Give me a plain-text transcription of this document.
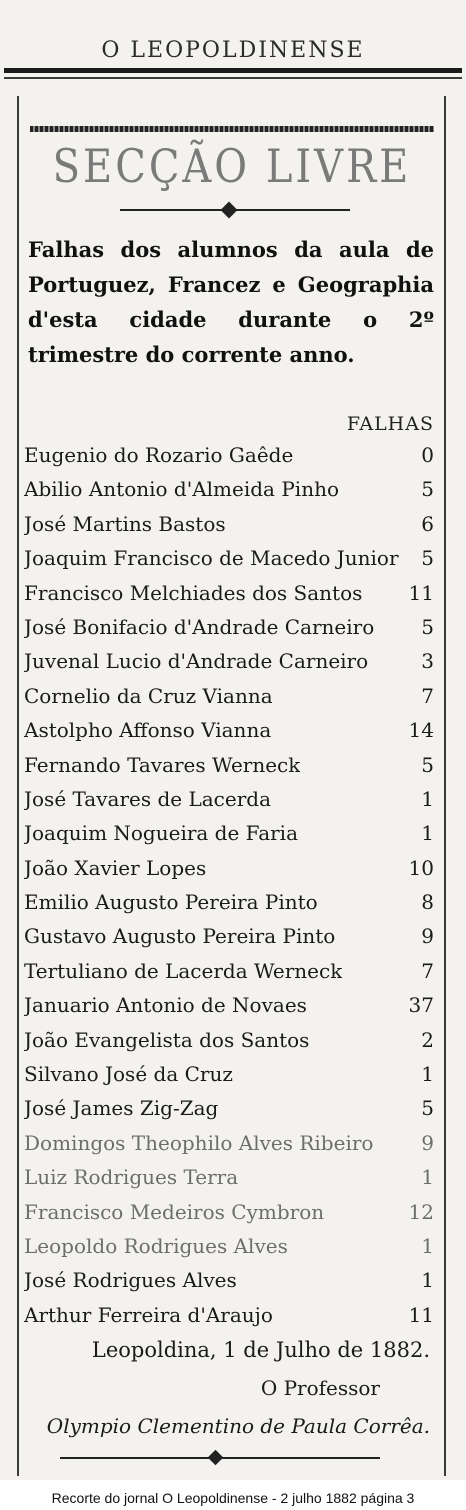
O LEOPOLDINENSE
SECÇÃO LIVRE
Falhas dos alumnos da aula de Portuguez, Francez e Geographia d'esta cidade durante o 2º trimestre do corrente anno.
FALHAS
Eugenio do Rozario Gaêde	0
Abilio Antonio d'Almeida Pinho	5
José Martins Bastos	6
Joaquim Francisco de Macedo Junior	5
Francisco Melchiades dos Santos 11
José Bonifacio d'Andrade Carneiro	5
Juvenal Lucio d'Andrade Carneiro	3
Cornelio da Cruz Vianna	7
Astolpho Affonso Vianna	14
Fernando Tavares Werneck	5
José Tavares de Lacerda	1
Joaquim Nogueira de Faria	1
João Xavier Lopes	10
Emilio Augusto Pereira Pinto	8
Gustavo Augusto Pereira Pinto	9
Tertuliano de Lacerda Werneck	7
Januario Antonio de Novaes	37
João Evangelista dos Santos	2
Silvano José da Cruz	1
José James Zig-Zag	5
Domingos Theophilo Alves Ribeiro	9
Luiz Rodrigues Terra	1
Francisco Medeiros Cymbron	12
Leopoldo Rodrigues Alves	1
José Rodrigues Alves	1
Arthur Ferreira d'Araujo	11
Leopoldina, 1 de Julho de 1882.
O Professor
Olympio Clementino de Paula Corrêa.
Recorte do jornal O Leopoldinense - 2 julho 1882 página 3
